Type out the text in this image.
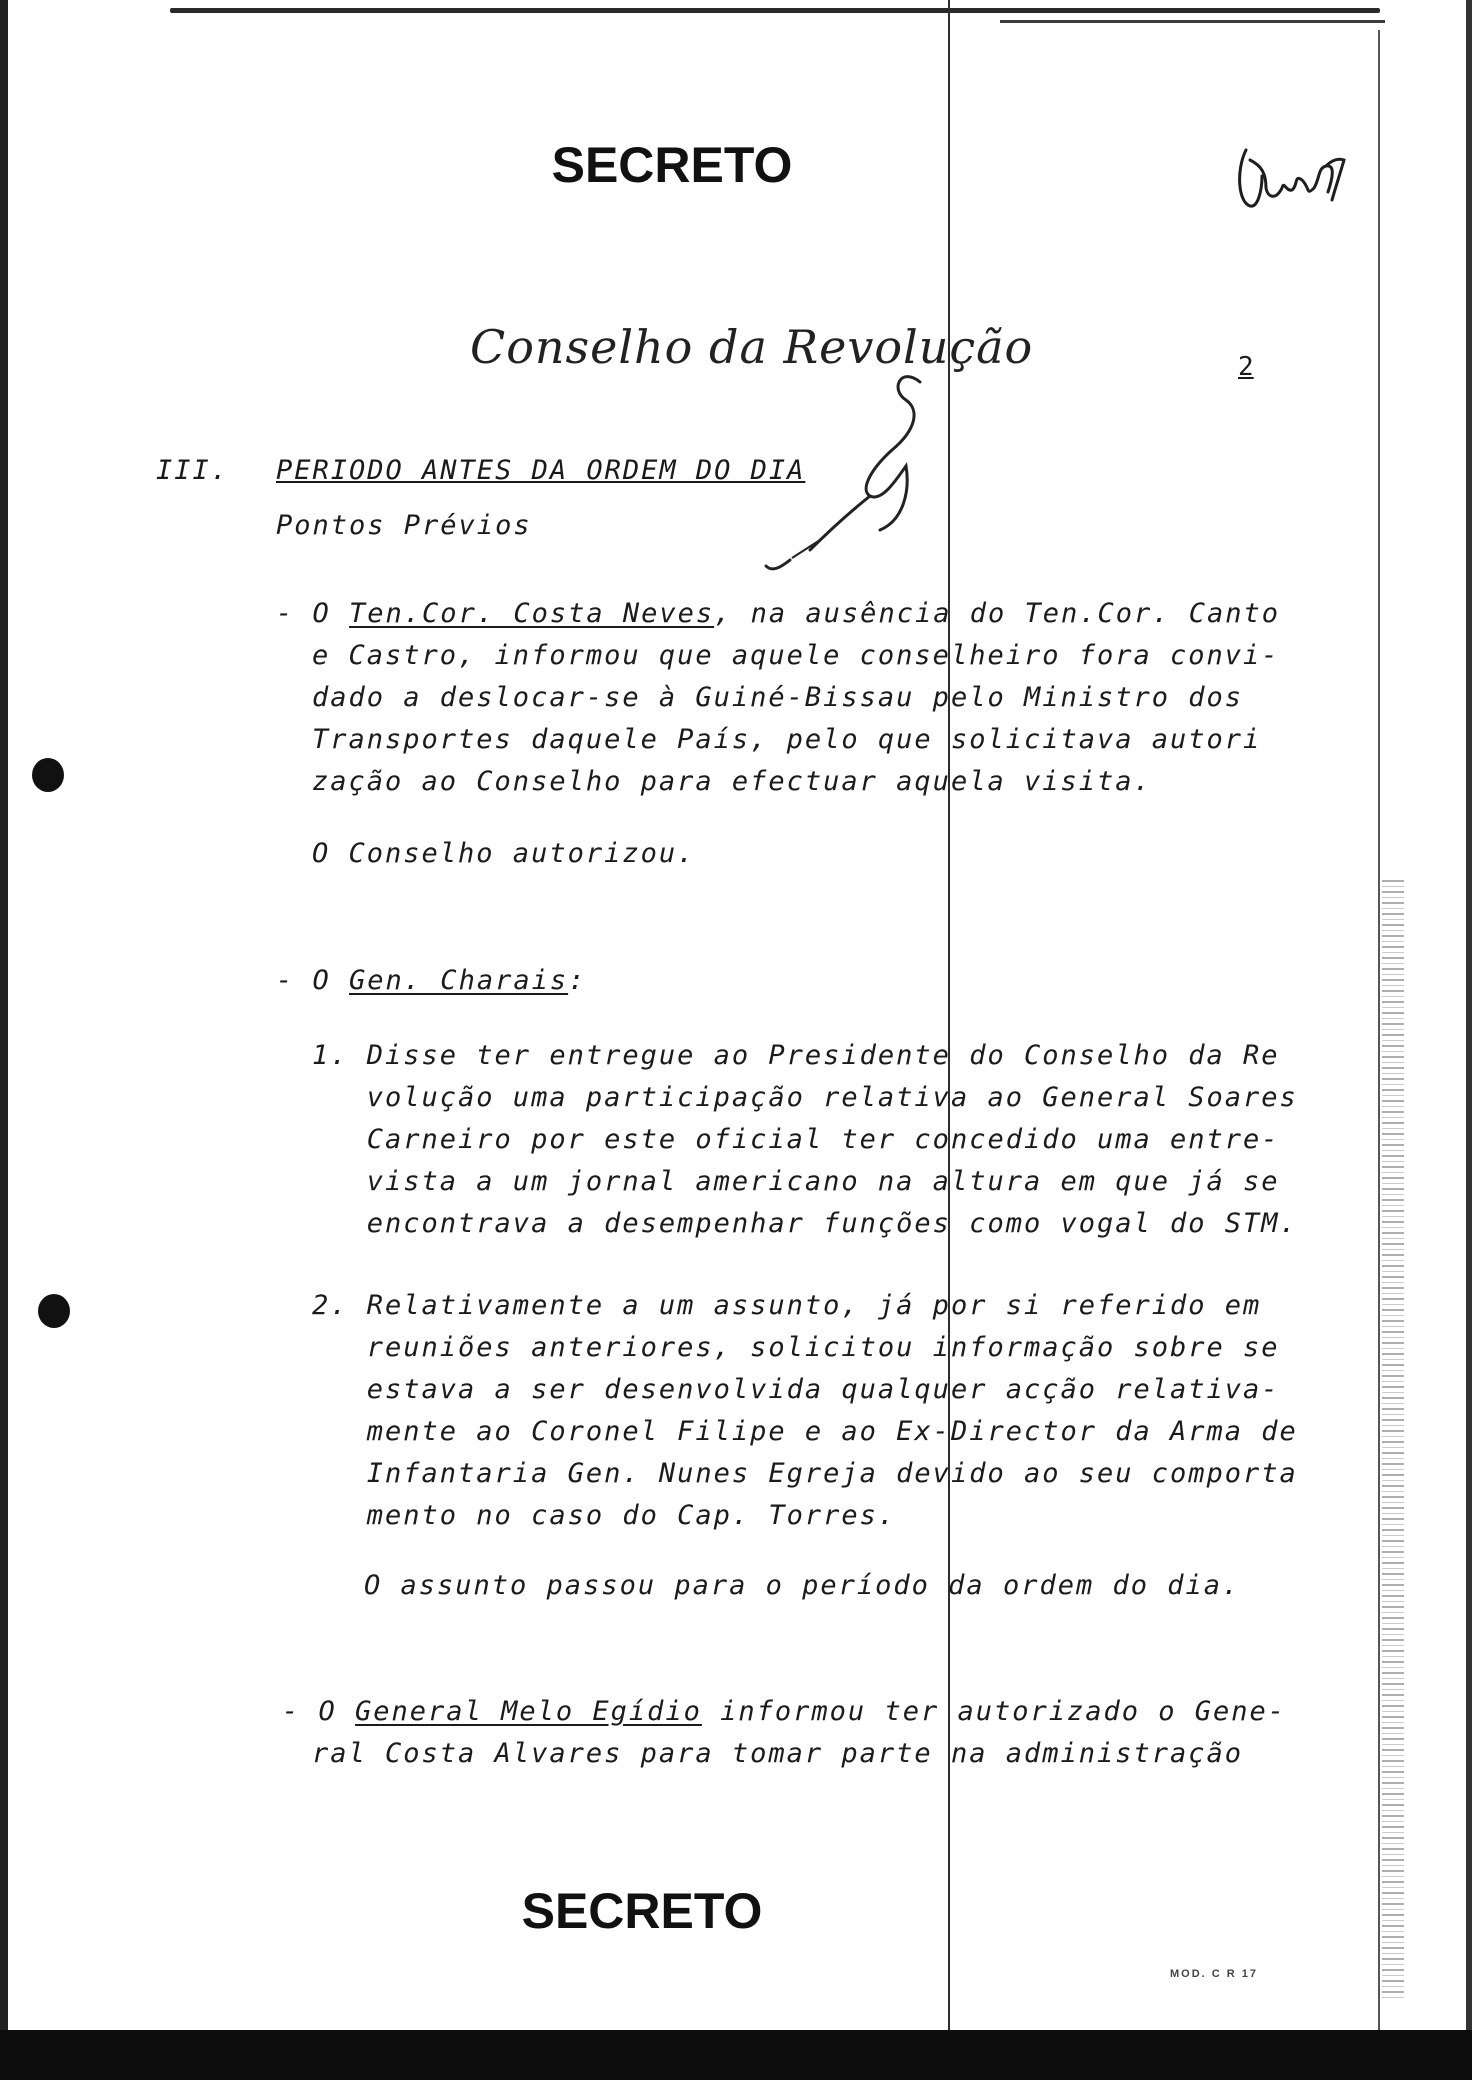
SECRETO
Conselho da Revolução	2
III. PERIODO ANTES DA ORDEM DO DIA
Pontos Prévios
- O Ten.Cor. Costa Neves, na ausência do Ten.Cor. Canto
e Castro, informou que aquele conselheiro fora convi-
dado a deslocar-se à Guiné-Bissau pelo Ministro dos
Transportes daquele País, pelo que solicitava autori
zação ao Conselho para efectuar aquela visita.
O Conselho autorizou.
- O Gen. Charais:
1. Disse ter entregue ao Presidente do Conselho da Re
volução uma participação relativa ao General Soares
Carneiro por este oficial ter concedido uma entre-
vista a um jornal americano na altura em que já se
encontrava a desempenhar funções como vogal do STM.
2. Relativamente a um assunto, já por si referido em
reuniões anteriores, solicitou informação sobre se
estava a ser desenvolvida qualquer acção relativa-
mente ao Coronel Filipe e ao Ex-Director da Arma de
Infantaria Gen. Nunes Egreja devido ao seu comporta
mento no caso do Cap. Torres.
O assunto passou para o período da ordem do dia.
- O General Melo Egídio informou ter autorizado o Gene-
ral Costa Alvares para tomar parte na administração
SECRETO
MOD. C R 17
